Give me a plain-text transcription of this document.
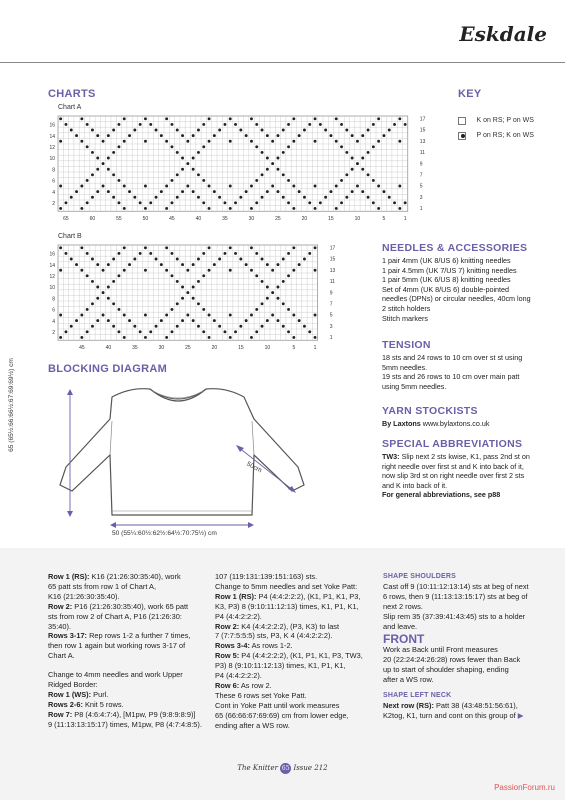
Eskdale
CHARTS
Chart A
16
14
12
10
8
6
4
2
17
15
13
11
9
7
5
3
1
65	60	55	50	45	40	35	30	25	20	15	10	5	1
Chart B
16
14
12
10
8
6
4
2
17
15
13
11
9
7
5
3
1
45	40	35	30	25	20	15	10	5	1
KEY
K on RS; P on WS
P on RS; K on WS
NEEDLES & ACCESSORIES
1 pair 4mm (UK 8/US 6) knitting needles
1 pair 4.5mm (UK 7/US 7) knitting needles
1 pair 5mm (UK 6/US 8) knitting needles
Set of 4mm (UK 8/US 6) double-pointed
needles (DPNs) or circular needles, 40cm long
2 stitch holders
Stitch markers
TENSION
18 sts and 24 rows to 10 cm over st st using
5mm needles.
19 sts and 26 rows to 10 cm over main patt
using 5mm needles.
YARN STOCKISTS
By Laxtons www.bylaxtons.co.uk
SPECIAL ABBREVIATIONS
TW3: Slip next 2 sts kwise, K1, pass 2nd st on
right needle over first st and K into back of it,
now slip 3rd st on right needle over first 2 sts
and K into back of it.
For general abbreviations, see p88
BLOCKING DIAGRAM
65 (65½:66:66½:67:69:69½) cm
50cm
50 (55¼:60½:62½:64½:70:75½) cm
Row 1 (RS): K16 (21:26:30:35:40), work
65 patt sts from row 1 of Chart A,
K16 (21:26:30:35:40).
Row 2: P16 (21:26:30:35:40), work 65 patt
sts from row 2 of Chart A, P16 (21:26:30:
35:40).
Rows 3-17: Rep rows 1-2 a further 7 times,
then row 1 again but working rows 3-17 of
Chart A.
Change to 4mm needles and work Upper
Ridged Border:
Row 1 (WS): Purl.
Rows 2-6: Knit 5 rows.
Row 7: P8 (4:6:4:7:4), [M1pw, P9 (9:8:9:8:9)]
9 (11:13:13:15:17) times, M1pw, P8 (4:7:4:8:5).
107 (119:131:139:151:163) sts.
Change to 5mm needles and set Yoke Patt:
Row 1 (RS): P4 (4:4:2:2:2), (K1, P1, K1, P3,
K3, P3) 8 (9:10:11:12:13) times, K1, P1, K1,
P4 (4:4:2:2:2).
Row 2: K4 (4:4:2:2:2), (P3, K3) to last
7 (7:7:5:5:5) sts, P3, K 4 (4:4:2:2:2).
Rows 3-4: As rows 1-2.
Row 5: P4 (4:4:2:2:2), (K1, P1, K1, P3, TW3,
P3) 8 (9:10:11:12:13) times, K1, P1, K1,
P4 (4:4:2:2:2).
Row 6: As row 2.
These 6 rows set Yoke Patt.
Cont in Yoke Patt until work measures
65 (66:66:67:69:69) cm from lower edge,
ending after a WS row.
SHAPE SHOULDERS
Cast off 9 (10:11:12:13:14) sts at beg of next
6 rows, then 9 (11:13:13:15:17) sts at beg of
next 2 rows.
Slip rem 35 (37:39:41:43:45) sts to a holder
and leave.
FRONT
Work as Back until Front measures
20 (22:24:24:26:28) rows fewer than Back
up to start of shoulder shaping, ending
after a WS row.
SHAPE LEFT NECK
Next row (RS): Patt 38 (43:48:51:56:61),
K2tog, K1, turn and cont on this group of ▶
The Knitter 65 Issue 212
PassionForum.ru
